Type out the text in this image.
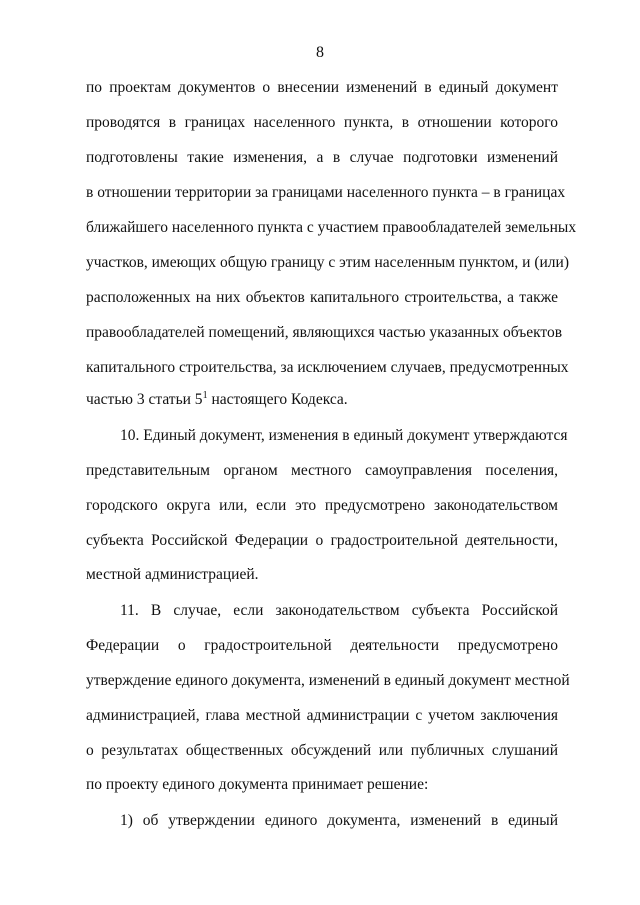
8
по проектам документов о внесении изменений в единый документ
проводятся в границах населенного пункта, в отношении которого
подготовлены такие изменения, а в случае подготовки изменений
в отношении территории за границами населенного пункта – в границах
ближайшего населенного пункта с участием правообладателей земельных
участков, имеющих общую границу с этим населенным пунктом, и (или)
расположенных на них объектов капитального строительства, а также
правообладателей помещений, являющихся частью указанных объектов
капитального строительства, за исключением случаев, предусмотренных
частью 3 статьи $5^1$ настоящего Кодекса.
10. Единый документ, изменения в единый документ утверждаются
представительным органом местного самоуправления поселения,
городского округа или, если это предусмотрено законодательством
субъекта Российской Федерации о градостроительной деятельности,
местной администрацией.
11. В случае, если законодательством субъекта Российской
Федерации о градостроительной деятельности предусмотрено
утверждение единого документа, изменений в единый документ местной
администрацией, глава местной администрации с учетом заключения
о результатах общественных обсуждений или публичных слушаний
по проекту единого документа принимает решение:
1) об утверждении единого документа, изменений в единый
